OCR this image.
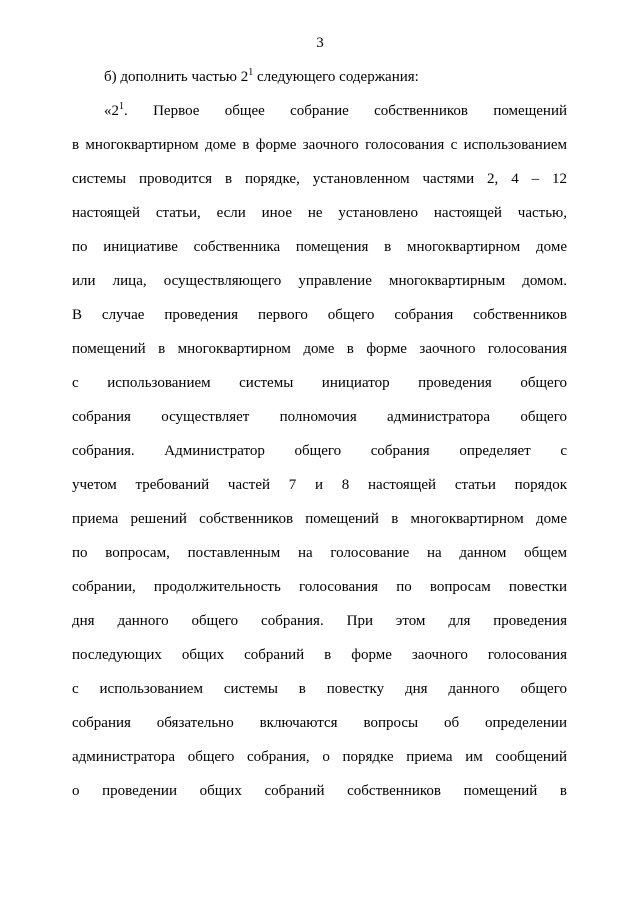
3
б) дополнить частью $2^1$ следующего содержания:
«$2^1$.   Первое   общее   собрание   собственников   помещений
в многоквартирном доме в форме заочного голосования с использованием
системы проводится в порядке, установленном частями 2, 4 – 12
настоящей статьи, если иное не установлено настоящей частью,
по инициативе собственника помещения в многоквартирном доме
или лица, осуществляющего управление многоквартирным домом.
В случае проведения первого общего собрания собственников
помещений в многоквартирном доме в форме заочного голосования
с использованием системы инициатор проведения общего
собрания осуществляет полномочия администратора общего
собрания. Администратор общего собрания определяет с
учетом требований частей 7 и 8 настоящей статьи порядок
приема решений собственников помещений в многоквартирном доме
по вопросам, поставленным на голосование на данном общем
собрании, продолжительность голосования по вопросам повестки
дня данного общего собрания. При этом для проведения
последующих общих собраний в форме заочного голосования
с использованием системы в повестку дня данного общего
собрания обязательно включаются вопросы об определении
администратора общего собрания, о порядке приема им сообщений
о проведении общих собраний собственников помещений в
